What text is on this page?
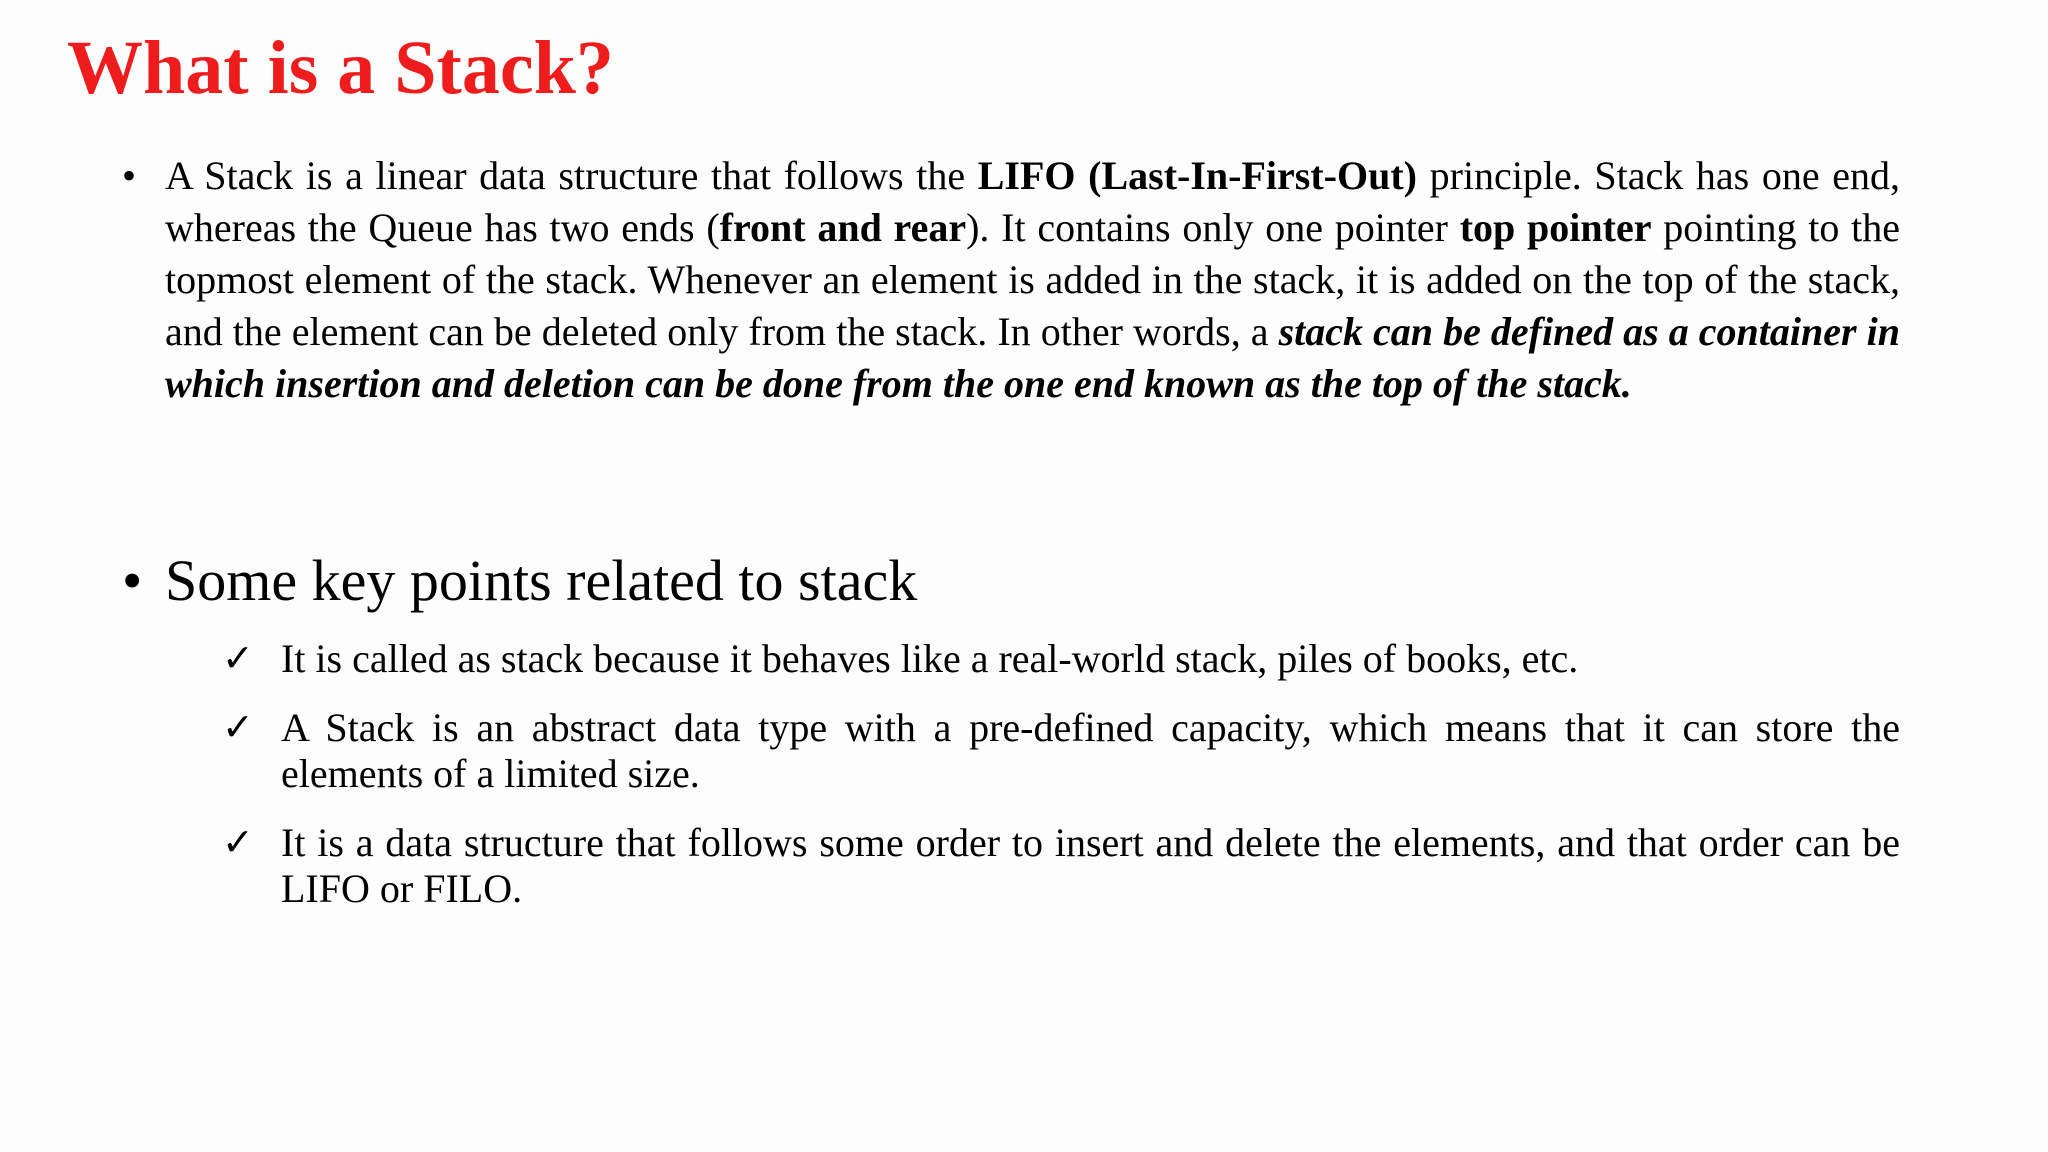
What is a Stack?
• A Stack is a linear data structure that follows the LIFO (Last-In-First-Out) principle. Stack has one end, whereas the Queue has two ends (front and rear). It contains only one pointer top pointer pointing to the topmost element of the stack. Whenever an element is added in the stack, it is added on the top of the stack, and the element can be deleted only from the stack. In other words, a stack can be defined as a container in which insertion and deletion can be done from the one end known as the top of the stack.

• Some key points related to stack
✓ It is called as stack because it behaves like a real-world stack, piles of books, etc.

✓ A Stack is an abstract data type with a pre-defined capacity, which means that it can store the elements of a limited size.

✓ It is a data structure that follows some order to insert and delete the elements, and that order can be LIFO or FILO.
